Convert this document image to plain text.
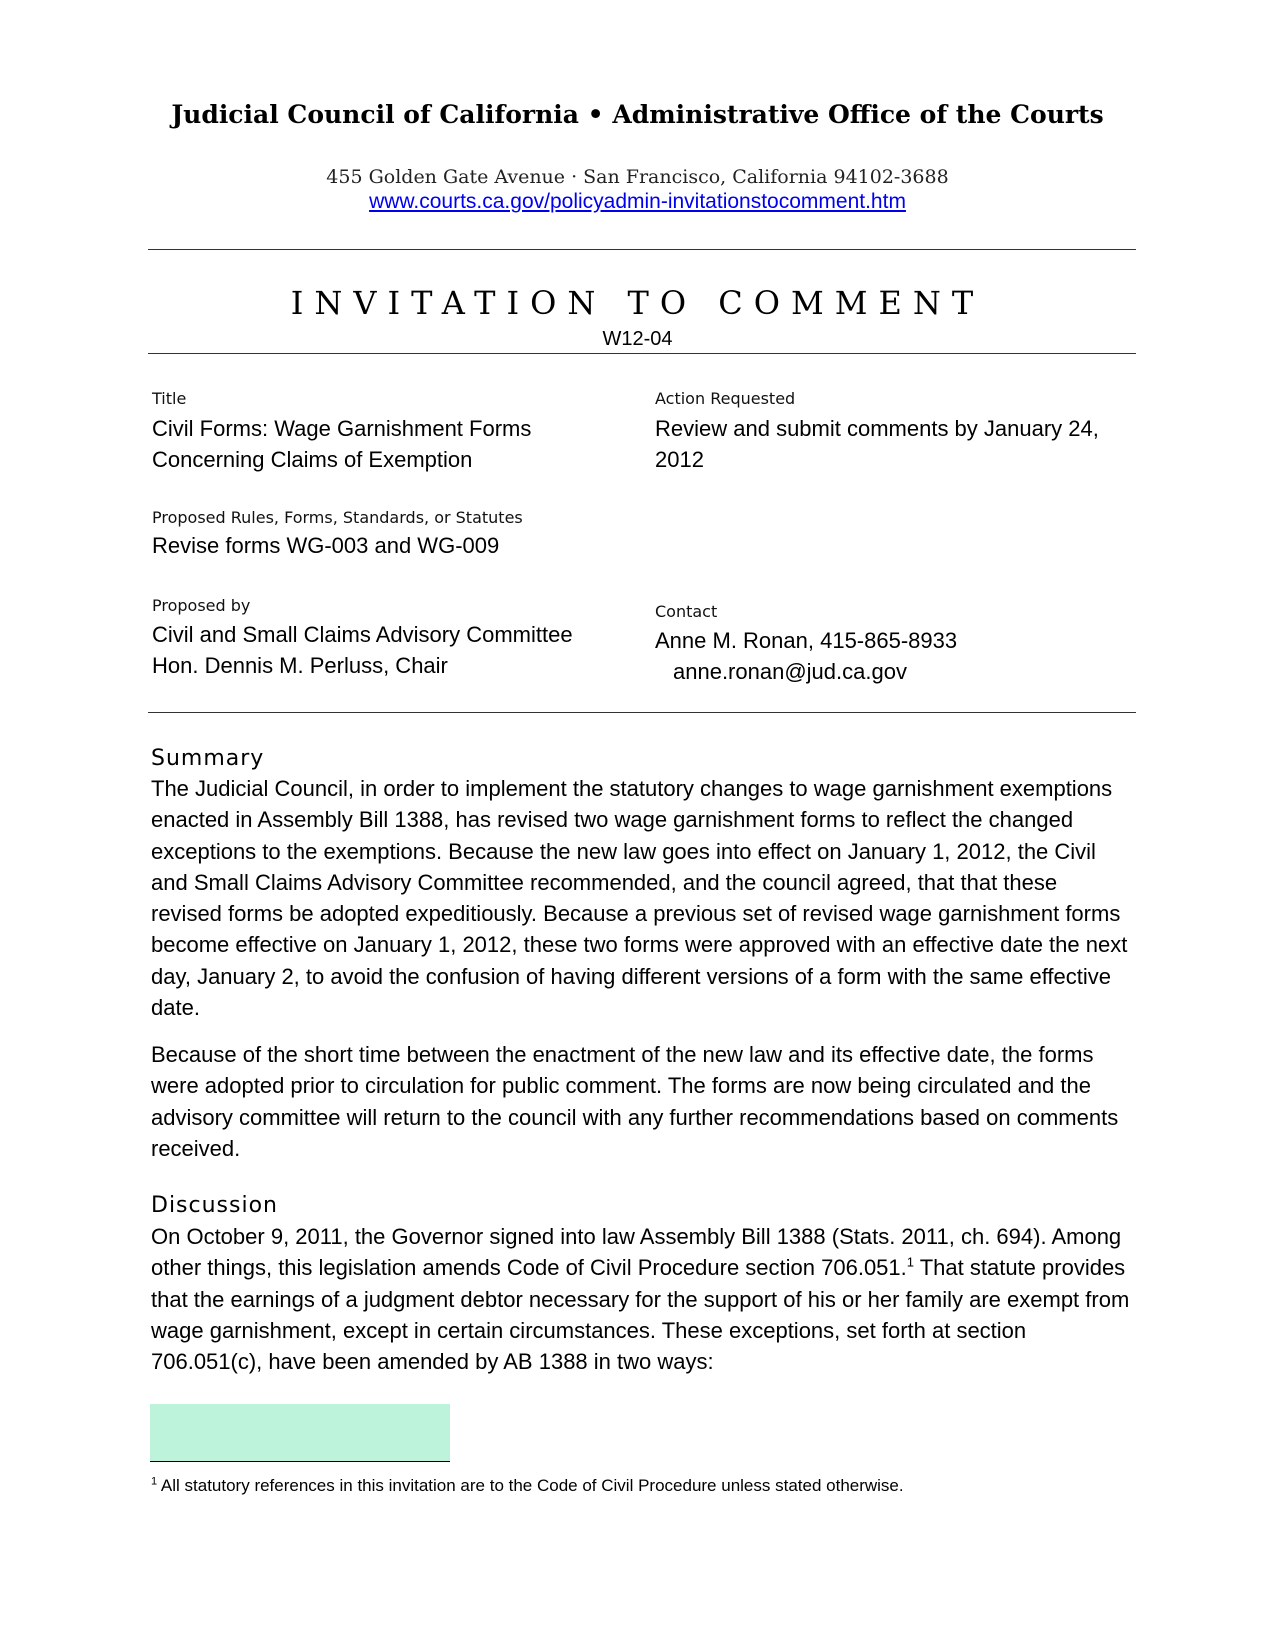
Judicial Council of California • Administrative Office of the Courts
455 Golden Gate Avenue · San Francisco, California 94102-3688
www.courts.ca.gov/policyadmin-invitationstocomment.htm
INVITATION TO COMMENT
W12-04
Title
Civil Forms: Wage Garnishment Forms Concerning Claims of Exemption
Action Requested
Review and submit comments by January 24, 2012
Proposed Rules, Forms, Standards, or Statutes
Revise forms WG-003 and WG-009
Proposed by
Civil and Small Claims Advisory Committee
Hon. Dennis M. Perluss, Chair
Contact
Anne M. Ronan, 415-865-8933
anne.ronan@jud.ca.gov
Summary

The Judicial Council, in order to implement the statutory changes to wage garnishment exemptions enacted in Assembly Bill 1388, has revised two wage garnishment forms to reflect the changed exceptions to the exemptions. Because the new law goes into effect on January 1, 2012, the Civil and Small Claims Advisory Committee recommended, and the council agreed, that that these revised forms be adopted expeditiously. Because a previous set of revised wage garnishment forms become effective on January 1, 2012, these two forms were approved with an effective date the next day, January 2, to avoid the confusion of having different versions of a form with the same effective date.

Because of the short time between the enactment of the new law and its effective date, the forms were adopted prior to circulation for public comment. The forms are now being circulated and the advisory committee will return to the council with any further recommendations based on comments received.

Discussion

On October 9, 2011, the Governor signed into law Assembly Bill 1388 (Stats. 2011, ch. 694). Among other things, this legislation amends Code of Civil Procedure section 706.051.$^1$ That statute provides that the earnings of a judgment debtor necessary for the support of his or her family are exempt from wage garnishment, except in certain circumstances. These exceptions, set forth at section 706.051(c), have been amended by AB 1388 in two ways:

$^1$ All statutory references in this invitation are to the Code of Civil Procedure unless stated otherwise.
